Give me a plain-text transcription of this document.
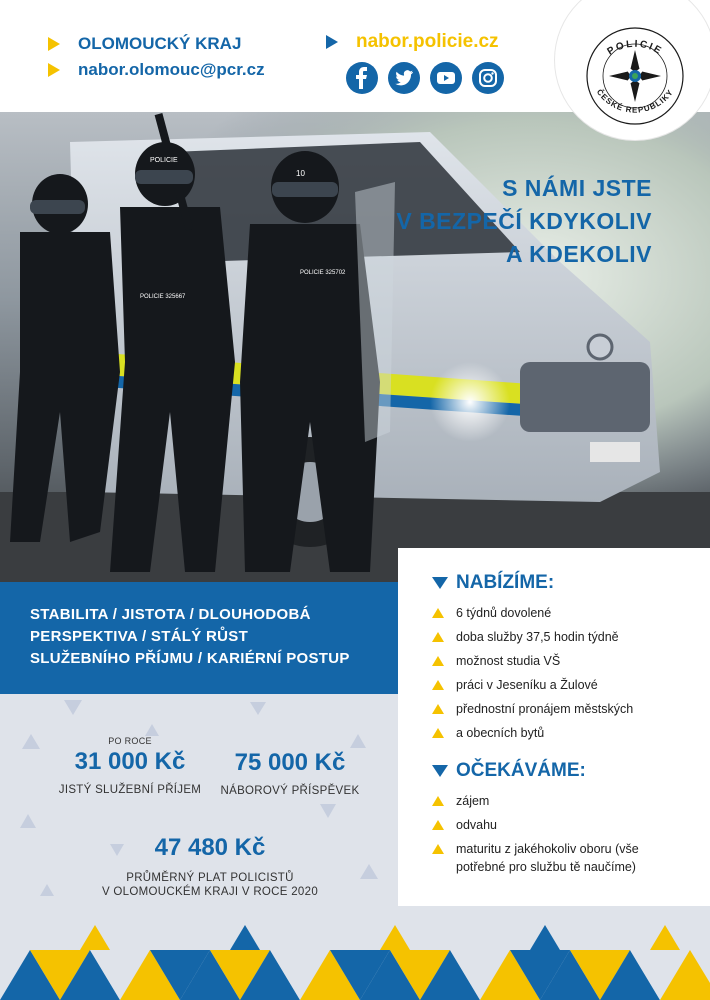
OLOMOUCKÝ KRAJ
nabor.olomouc@pcr.cz
nabor.policie.cz
POLICIE
10
POLICIE 325667
POLICIE 325702
POLICIE
ČESKÉ REPUBLIKY
S NÁMI JSTE
V BEZPEČÍ KDYKOLIV
A KDEKOLIV

STABILITA / JISTOTA / DLOUHODOBÁ

PERSPEKTIVA / STÁLÝ RŮST

SLUŽEBNÍHO PŘÍJMU / KARIÉRNÍ POSTUP

PO ROCE
31 000 Kč
JISTÝ SLUŽEBNÍ PŘÍJEM
75 000 Kč
NÁBOROVÝ PŘÍSPĚVEK
47 480 Kč
PRŮMĚRNÝ PLAT POLICISTŮ
V OLOMOUCKÉM KRAJI V ROCE 2020
NABÍZÍME:
6 týdnů dovolené
doba služby 37,5 hodin týdně
možnost studia VŠ
práci v Jeseníku a Žulové
přednostní pronájem městských
a obecních bytů
OČEKÁVÁME:
zájem
odvahu
maturitu z jakéhokoliv oboru (vše potřebné pro službu tě naučíme)
